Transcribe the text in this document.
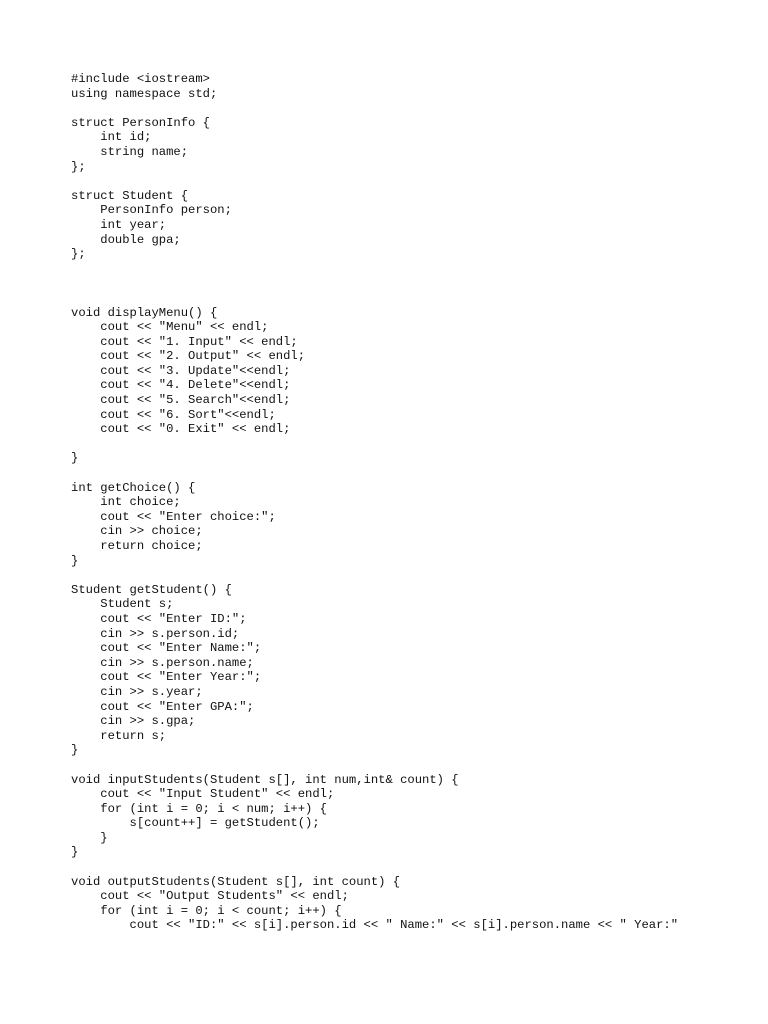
#include <iostream>
using namespace std;
struct PersonInfo {
int id;
string name;
};
struct Student {
PersonInfo person;
int year;
double gpa;
};
void displayMenu() {
cout << "Menu" << endl;
cout << "1. Input" << endl;
cout << "2. Output" << endl;
cout << "3. Update"<<endl;
cout << "4. Delete"<<endl;
cout << "5. Search"<<endl;
cout << "6. Sort"<<endl;
cout << "0. Exit" << endl;
}
int getChoice() {
int choice;
cout << "Enter choice:";
cin >> choice;
return choice;
}
Student getStudent() {
Student s;
cout << "Enter ID:";
cin >> s.person.id;
cout << "Enter Name:";
cin >> s.person.name;
cout << "Enter Year:";
cin >> s.year;
cout << "Enter GPA:";
cin >> s.gpa;
return s;
}
void inputStudents(Student s[], int num,int& count) {
cout << "Input Student" << endl;
for (int i = 0; i < num; i++) {
s[count++] = getStudent();
}
}
void outputStudents(Student s[], int count) {
cout << "Output Students" << endl;
for (int i = 0; i < count; i++) {
cout << "ID:" << s[i].person.id << " Name:" << s[i].person.name << " Year:"
